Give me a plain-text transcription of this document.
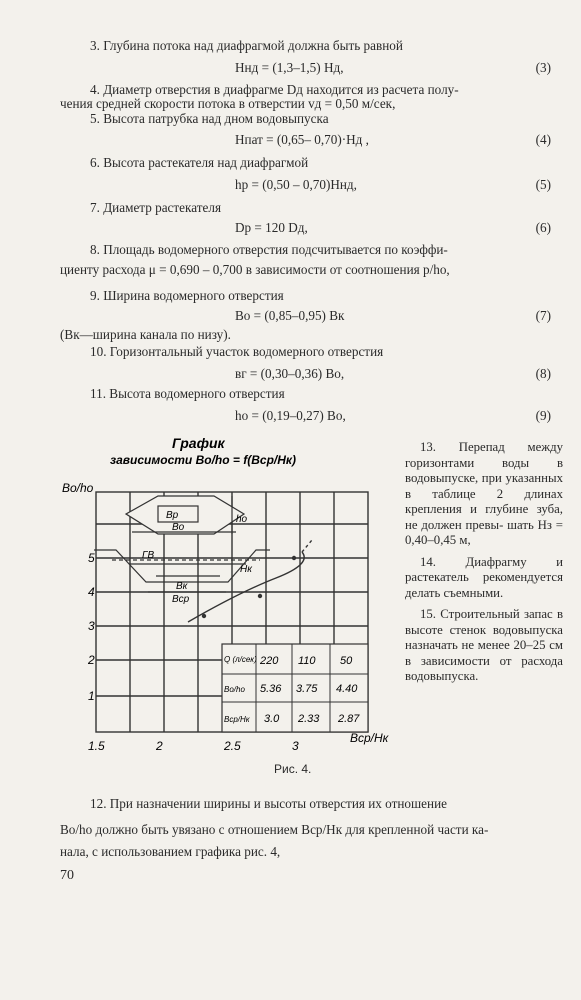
3. Глубина потока над диафрагмой должна быть равной
Hнд = (1,3–1,5) Hд,	(3)
4. Диаметр отверстия в диафрагме Dд находится из расчета полу-
чения средней скорости потока в отверстии vд = 0,50 м/сек,
5. Высота патрубка над дном водовыпуска
Hпат = (0,65– 0,70)·Hд ,	(4)
6. Высота растекателя над диафрагмой
hр = (0,50 – 0,70)Hнд,	(5)
7. Диаметр растекателя
Dр = 120 Dд,	(6)
8. Площадь водомерного отверстия подсчитывается по коэффи-
циенту расхода μ = 0,690 – 0,700 в зависимости от соотношения p/hо,
9. Ширина водомерного отверстия
Bо = (0,85–0,95) Bк	(7)
(Bк—ширина канала по низу).
10. Горизонтальный участок водомерного отверстия
вг = (0,30–0,36) Bо,	(8)
11. Высота водомерного отверстия
hо = (0,19–0,27) Bо,	(9)
График
зависимости Bо/hо = f(Bср/Hк)
Bо/hо
5
4
3
2
1
1.5	2	2.5	3
Bр
Bо
hо
ГВ
Hк
Bк
Bср
Q (л/сек) 220 110 50
Bо/hо 5.36 3.75 4.40
Bср/Hк 3.0 2.33 2.87
Bср/Hк

13. Перепад между горизонтами воды в водовыпуске, при указанных в таблице 2 длинах крепления и глубине зуба, не должен превы- шать Hз = 0,40–0,45 м,

14. Диафрагму и растекатель рекомендуется делать съемными.

15. Строительный запас в высоте стенок водовыпуска назначать не менее 20–25 см в зависимости от расхода водовыпуска.

Рис. 4.
12. При назначении ширины и высоты отверстия их отношение
Bо/hо должно быть увязано с отношением Bср/Hк для крепленной части ка-
нала, с использованием графика рис. 4,
70
